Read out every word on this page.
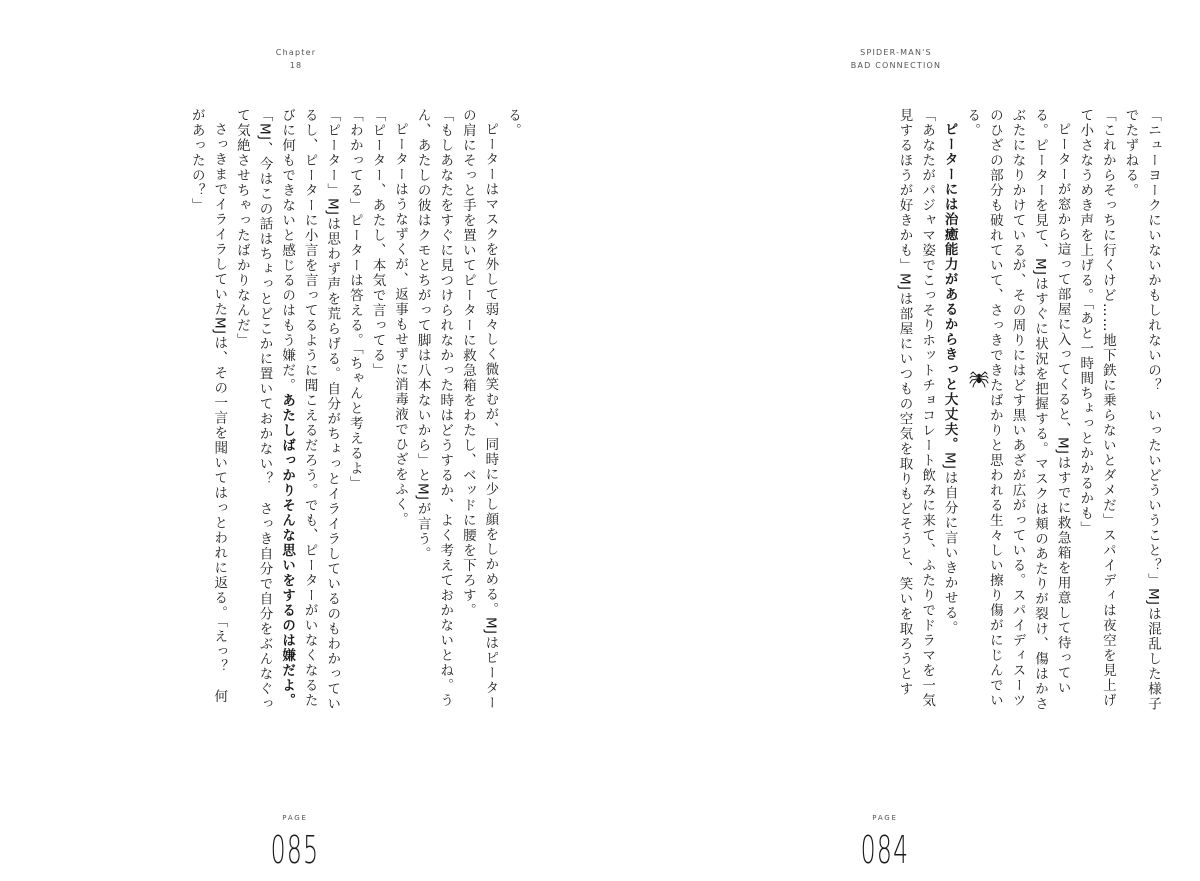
Chapter
18

る。

ピーターはマスクを外して弱々しく微笑むが、同時に少し顔をしかめる。MJはピーターの肩にそっと手を置いてピーターに救急箱をわたし、ベッドに腰を下ろす。

「もしあなたをすぐに見つけられなかった時はどうするか、よく考えておかないとね。うん、あたしの彼はクモとちがって脚は八本ないから」とMJが言う。

ピーターはうなずくが、返事もせずに消毒液でひざをふく。

「ピーター、あたし、本気で言ってる」

「わかってる」ピーターは答える。「ちゃんと考えるよ」

「ピーター」MJは思わず声を荒らげる。自分がちょっとイライラしているのもわかっているし、ピーターに小言を言ってるように聞こえるだろう。でも、ピーターがいなくなるたびに何もできないと感じるのはもう嫌だ。あたしばっかりそんな思いをするのは嫌だよ。

「MJ、今はこの話はちょっとどこかに置いておかない？　さっき自分で自分をぶんなぐって気絶させちゃったばかりなんだ」

さっきまでイライラしていたMJは、その一言を聞いてはっとわれに返る。「えっ？　何があったの？」

PAGE
085
SPIDER-MAN'S
BAD CONNECTION

「ニューヨークにいないかもしれないの？　いったいどういうこと？」MJは混乱した様子でたずねる。

「これからそっちに行くけど……地下鉄に乗らないとダメだ」スパイディは夜空を見上げて小さなうめき声を上げる。「あと一時間ちょっとかかるかも」

ピーターが窓から這って部屋に入ってくると、MJはすでに救急箱を用意して待っている。ピーターを見て、MJはすぐに状況を把握する。マスクは頬のあたりが裂け、傷はかさぶたになりかけているが、その周りにはどす黒いあざが広がっている。スパイディスーツのひざの部分も破れていて、さっきできたばかりと思われる生々しい擦り傷がにじんでいる。

ピーターには治癒能力があるからきっと大丈夫。MJは自分に言いきかせる。

「あなたがパジャマ姿でこっそりホットチョコレート飲みに来て、ふたりでドラマを一気見するほうが好きかも」MJは部屋にいつもの空気を取りもどそうと、笑いを取ろうとす

PAGE
084
